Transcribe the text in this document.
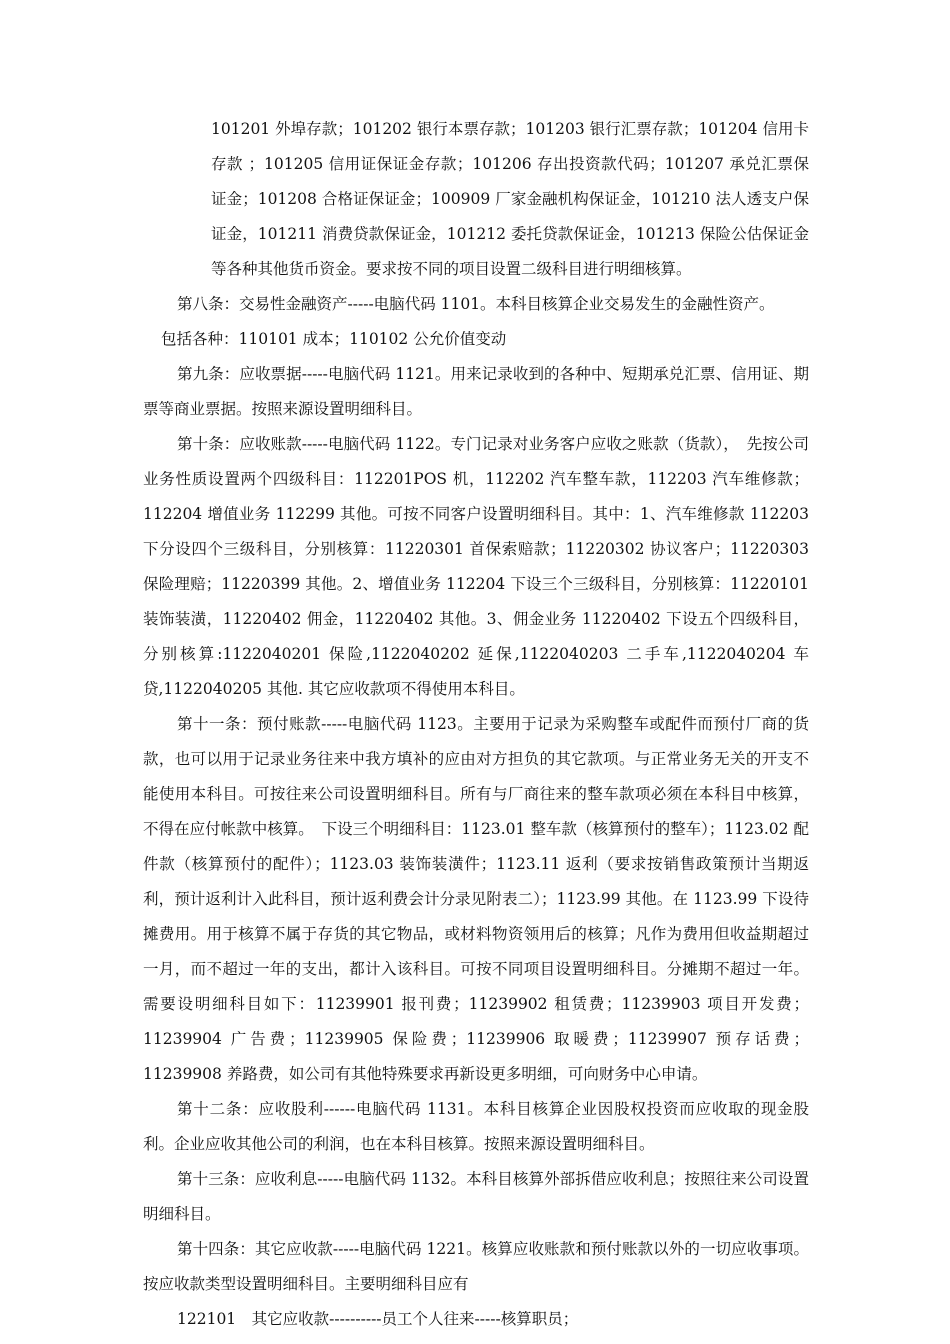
101201 外埠存款；101202 银行本票存款；101203 银行汇票存款；101204 信用卡存款 ；101205 信用证保证金存款；101206 存出投资款代码；101207 承兑汇票保证金；101208 合格证保证金；100909 厂家金融机构保证金，101210 法人透支户保证金，101211 消费贷款保证金，101212 委托贷款保证金，101213 保险公估保证金 等各种其他货币资金。要求按不同的项目设置二级科目进行明细核算。

第八条：交易性金融资产-----电脑代码 1101。本科目核算企业交易发生的金融性资产。

包括各种：110101 成本；110102 公允价值变动

第九条：应收票据-----电脑代码 1121。用来记录收到的各种中、短期承兑汇票、信用证、期票等商业票据。按照来源设置明细科目。

第十条：应收账款-----电脑代码 1122。专门记录对业务客户应收之账款（货款），　先按公司业务性质设置两个四级科目：112201POS 机，112202 汽车整车款，112203 汽车维修款；112204 增值业务 112299 其他。可按不同客户设置明细科目。其中：1、汽车维修款 112203 下分设四个三级科目，分别核算：11220301 首保索赔款；11220302 协议客户；11220303 保险理赔；11220399 其他。2、增值业务 112204 下设三个三级科目，分别核算：11220101 装饰装潢，11220402 佣金，11220402 其他。3、佣金业务 11220402 下设五个四级科目，分别核算:1122040201 保险,1122040202 延保,1122040203 二手车,1122040204 车贷,1122040205 其他. 其它应收款项不得使用本科目。

第十一条：预付账款-----电脑代码 1123。主要用于记录为采购整车或配件而预付厂商的货款，也可以用于记录业务往来中我方填补的应由对方担负的其它款项。与正常业务无关的开支不能使用本科目。可按往来公司设置明细科目。所有与厂商往来的整车款项必须在本科目中核算，不得在应付帐款中核算。　下设三个明细科目：1123.01 整车款（核算预付的整车）；1123.02 配件款（核算预付的配件）；1123.03 装饰装潢件；1123.11 返利（要求按销售政策预计当期返利，预计返利计入此科目，预计返利费会计分录见附表二）；1123.99 其他。在 1123.99 下设待摊费用。用于核算不属于存货的其它物品，或材料物资领用后的核算；凡作为费用但收益期超过一月，而不超过一年的支出，都计入该科目。可按不同项目设置明细科目。分摊期不超过一年。需要设明细科目如下：11239901 报刊费；11239902 租赁费；11239903 项目开发费；11239904 广告费；11239905 保险费；11239906 取暖费；11239907 预存话费；11239908 养路费，如公司有其他特殊要求再新设更多明细，可向财务中心申请。

第十二条：应收股利------电脑代码 1131。本科目核算企业因股权投资而应收取的现金股利。企业应收其他公司的利润，也在本科目核算。按照来源设置明细科目。

第十三条：应收利息-----电脑代码 1132。本科目核算外部拆借应收利息；按照往来公司设置明细科目。

第十四条：其它应收款-----电脑代码 1221。核算应收账款和预付账款以外的一切应收事项。按应收款类型设置明细科目。主要明细科目应有

122101　其它应收款----------员工个人往来-----核算职员；
